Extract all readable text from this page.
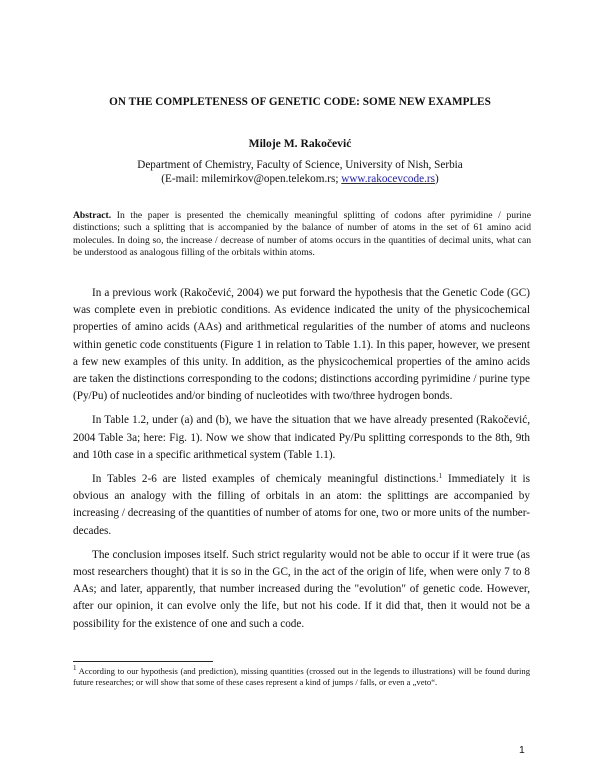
ON THE COMPLETENESS OF GENETIC CODE: SOME NEW EXAMPLES
Miloje M. Rakočević
Department of Chemistry, Faculty of Science, University of Nish, Serbia
(E-mail: milemirkov@open.telekom.rs; www.rakocevcode.rs)
Abstract. In the paper is presented the chemically meaningful splitting of codons after pyrimidine / purine distinctions; such a splitting that is accompanied by the balance of number of atoms in the set of 61 amino acid molecules. In doing so, the increase / decrease of number of atoms occurs in the quantities of decimal units, what can be understood as analogous filling of the orbitals within atoms.

In a previous work (Rakočević, 2004) we put forward the hypothesis that the Genetic Code (GC) was complete even in prebiotic conditions. As evidence indicated the unity of the physicochemical properties of amino acids (AAs) and arithmetical regularities of the number of atoms and nucleons within genetic code constituents (Figure 1 in relation to Table 1.1). In this paper, however, we present a few new examples of this unity. In addition, as the physicochemical properties of the amino acids are taken the distinctions corresponding to the codons; distinctions according pyrimidine / purine type (Py/Pu) of nucleotides and/or binding of nucleotides with two/three hydrogen bonds.

In Table 1.2, under (a) and (b), we have the situation that we have already presented (Rakočević, 2004 Table 3a; here: Fig. 1). Now we show that indicated Py/Pu splitting corresponds to the 8th, 9th and 10th case in a specific arithmetical system (Table 1.1).

In Tables 2-6 are listed examples of chemicaly meaningful distinctions.$^1$ Immediately it is obvious an analogy with the filling of orbitals in an atom: the splittings are accompanied by increasing / decreasing of the quantities of number of atoms for one, two or more units of the number-decades.

The conclusion imposes itself. Such strict regularity would not be able to occur if it were true (as most researchers thought) that it is so in the GC, in the act of the origin of life, when were only 7 to 8 AAs; and later, apparently, that number increased during the "evolution" of genetic code. However, after our opinion, it can evolve only the life, but not his code. If it did that, then it would not be a possibility for the existence of one and such a code.

$^1$ According to our hypothesis (and prediction), missing quantities (crossed out in the legends to illustrations) will be found during future researches; or will show that some of these cases represent a kind of jumps / falls, or even a „veto“.
1
